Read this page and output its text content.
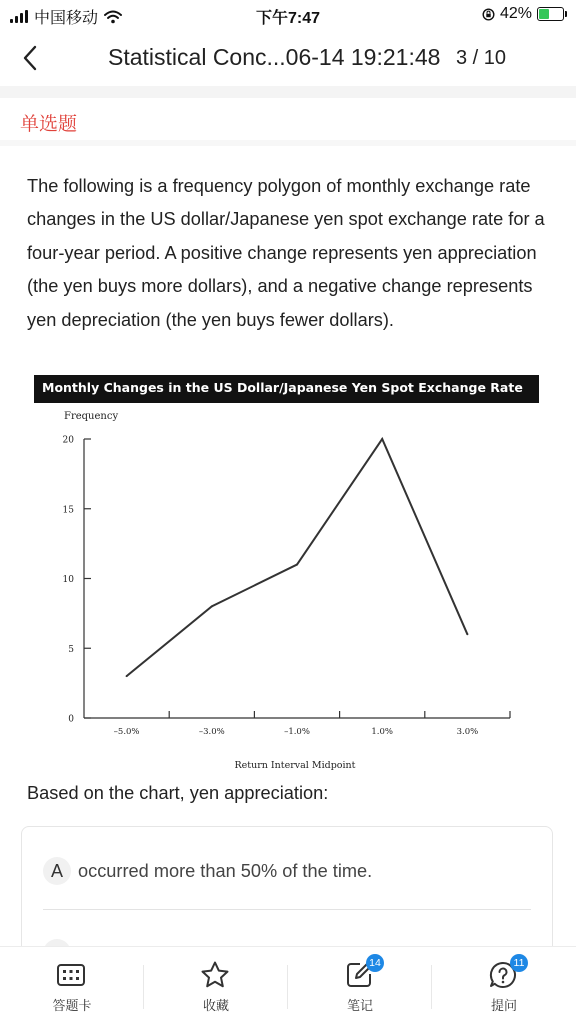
中国移动	下午7:47	42%
Statistical Conc...06-14 19:21:48 3 / 10
单选题
The following is a frequency polygon of monthly exchange rate changes in the US dollar/Japanese yen spot exchange rate for a four-year period. A positive change represents yen appreciation (the yen buys more dollars), and a negative change represents yen depreciation (the yen buys fewer dollars).
Monthly Changes in the US Dollar/Japanese Yen Spot Exchange Rate
0
5
10
15
20
–5.0%	–3.0%	–1.0%	1.0%	3.0%
Frequency
Return Interval Midpoint
Based on the chart, yen appreciation:
A occurred more than 50% of the time.
答题卡	收藏
14
笔记
11
提问
